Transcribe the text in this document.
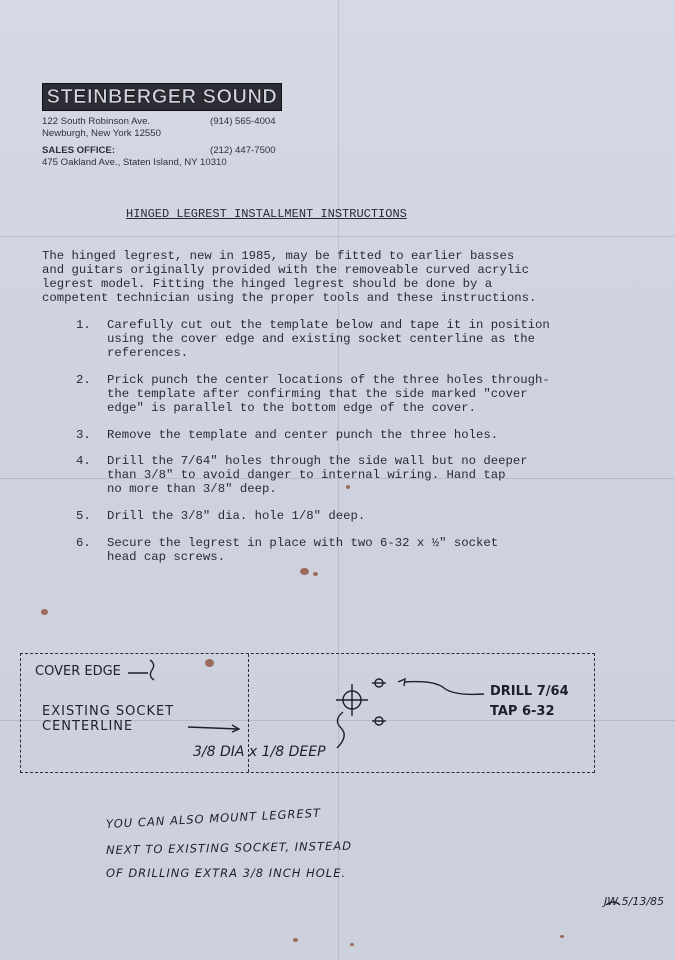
STEINBERGER SOUND
122 South Robinson Ave.	(914) 565-4004
Newburgh, New York 12550
SALES OFFICE:	(212) 447-7500
475 Oakland Ave., Staten Island, NY 10310
HINGED LEGREST INSTALLMENT INSTRUCTIONS
The hinged legrest, new in 1985, may be fitted to earlier basses
and guitars originally provided with the removeable curved acrylic
legrest model. Fitting the hinged legrest should be done by a
competent technician using the proper tools and these instructions.
1. Carefully cut out the template below and tape it in position
using the cover edge and existing socket centerline as the
references.
2. Prick punch the center locations of the three holes through-
the template after confirming that the side marked "cover
edge" is parallel to the bottom edge of the cover.
3. Remove the template and center punch the three holes.
4. Drill the 7/64" holes through the side wall but no deeper
than 3/8" to avoid danger to internal wiring. Hand tap
no more than 3/8" deep.
5. Drill the 3/8" dia. hole 1/8" deep.
6. Secure the legrest in place with two 6-32 x ½" socket
head cap screws.
COVER EDGE
EXISTING SOCKET
CENTERLINE
DRILL 7/64
TAP 6-32
3/8 DIA x 1/8 DEEP
YOU CAN ALSO MOUNT LEGREST
NEXT TO EXISTING SOCKET, INSTEAD
OF DRILLING EXTRA 3/8 INCH HOLE.
JW 5/13/85
